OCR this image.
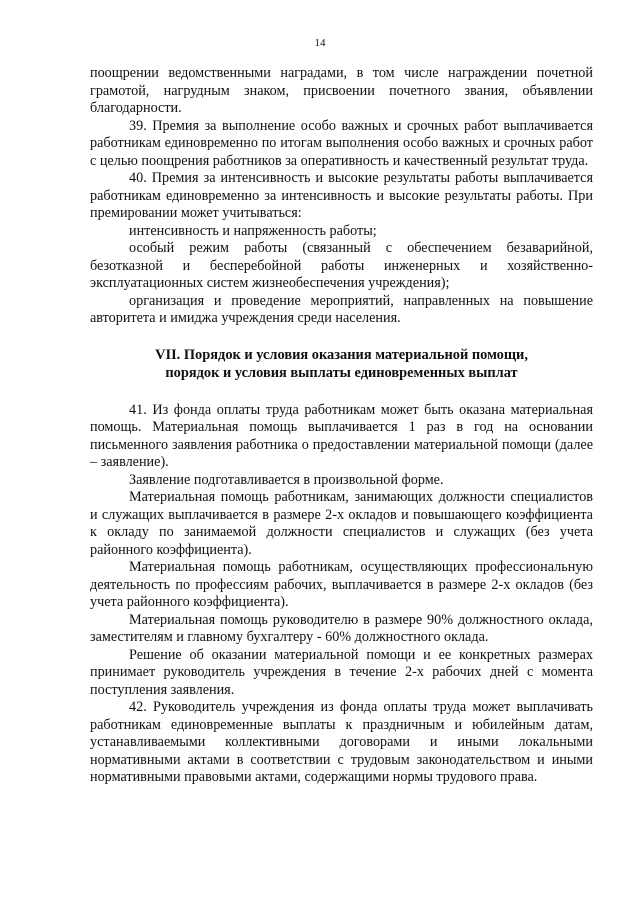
14

поощрении ведомственными наградами, в том числе награждении почетной грамотой, нагрудным знаком, присвоении почетного звания, объявлении благодарности.

39. Премия за выполнение особо важных и срочных работ выплачивается работникам единовременно по итогам выполнения особо важных и срочных работ с целью поощрения работников за оперативность и качественный результат труда.

40. Премия за интенсивность и высокие результаты работы выплачивается работникам единовременно за интенсивность и высокие результаты работы. При премировании может учитываться:

интенсивность и напряженность работы;

особый режим работы (связанный с обеспечением безаварийной, безотказной и бесперебойной работы инженерных и хозяйственно-эксплуатационных систем жизнеобеспечения учреждения);

организация и проведение мероприятий, направленных на повышение авторитета и имиджа учреждения среди населения.

VII. Порядок и условия оказания материальной помощи,
порядок и условия выплаты единовременных выплат

41. Из фонда оплаты труда работникам может быть оказана материальная помощь. Материальная помощь выплачивается 1 раз в год на основании письменного заявления работника о предоставлении материальной помощи (далее – заявление).

Заявление подготавливается в произвольной форме.

Материальная помощь работникам, занимающих должности специалистов и служащих выплачивается в размере 2-х окладов и повышающего коэффициента к окладу по занимаемой должности специалистов и служащих (без учета районного коэффициента).

Материальная помощь работникам, осуществляющих профессиональную деятельность по профессиям рабочих, выплачивается в размере 2-х окладов (без учета районного коэффициента).

Материальная помощь руководителю в размере 90% должностного оклада, заместителям и главному бухгалтеру - 60% должностного оклада.

Решение об оказании материальной помощи и ее конкретных размерах принимает руководитель учреждения в течение 2-х рабочих дней с момента поступления заявления.

42. Руководитель учреждения из фонда оплаты труда может выплачивать работникам единовременные выплаты к праздничным и юбилейным датам, устанавливаемыми коллективными договорами и иными локальными нормативными актами в соответствии с трудовым законодательством и иными нормативными правовыми актами, содержащими нормы трудового права.
